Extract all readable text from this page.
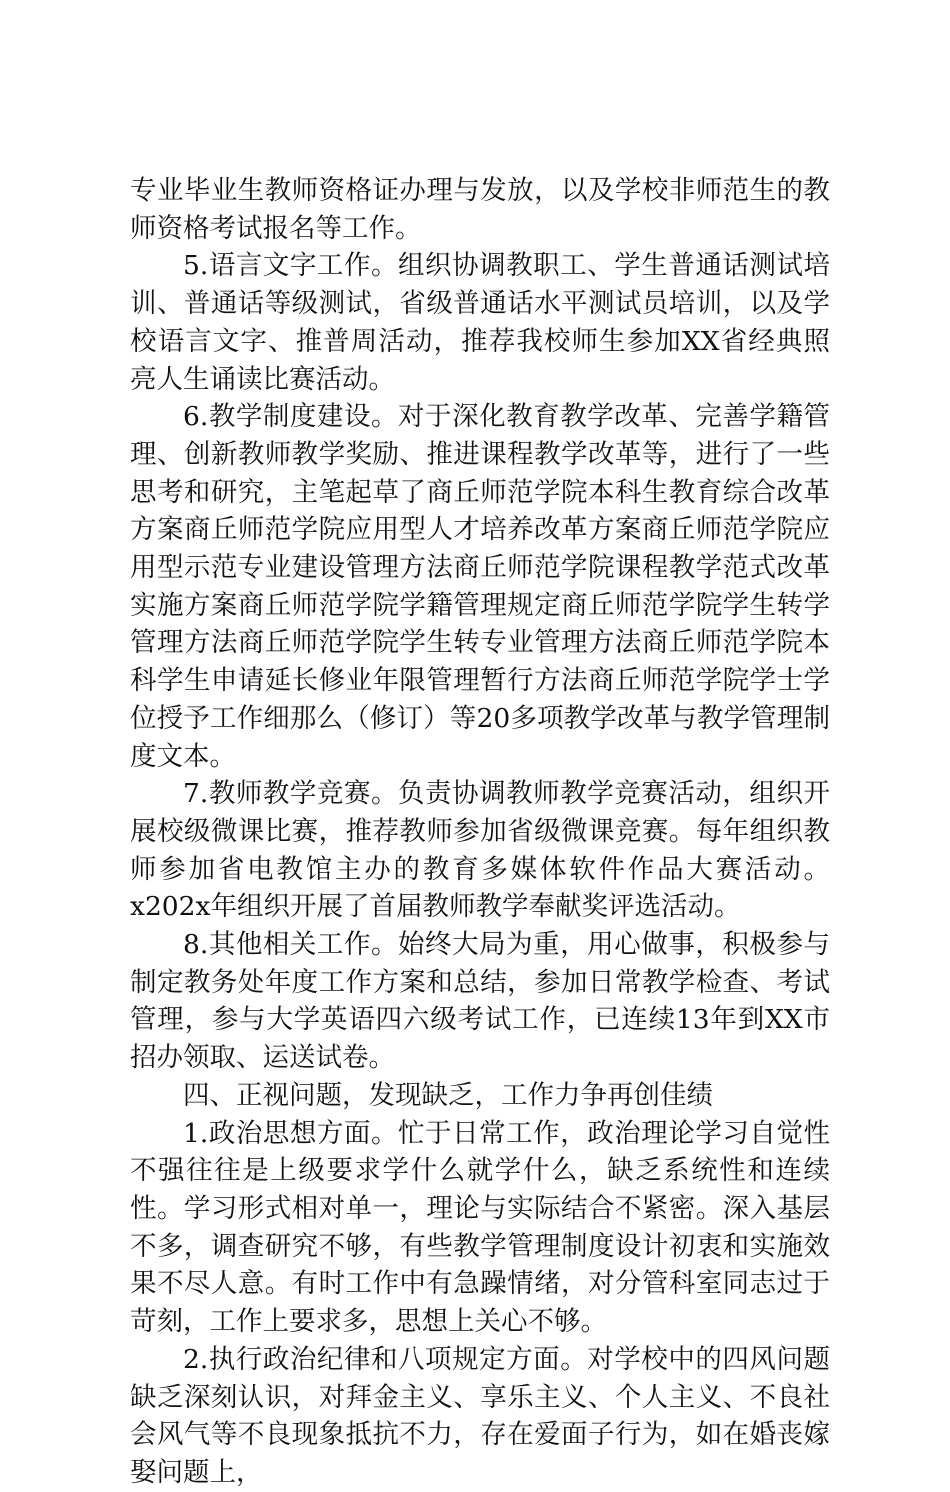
专业毕业生教师资格证办理与发放，以及学校非师范生的教师资格考试报名等工作。

5.语言文字工作。组织协调教职工、学生普通话测试培训、普通话等级测试，省级普通话水平测试员培训，以及学校语言文字、推普周活动，推荐我校师生参加XX省经典照亮人生诵读比赛活动。

6.教学制度建设。对于深化教育教学改革、完善学籍管理、创新教师教学奖励、推进课程教学改革等，进行了一些思考和研究，主笔起草了商丘师范学院本科生教育综合改革方案商丘师范学院应用型人才培养改革方案商丘师范学院应用型示范专业建设管理方法商丘师范学院课程教学范式改革实施方案商丘师范学院学籍管理规定商丘师范学院学生转学管理方法商丘师范学院学生转专业管理方法商丘师范学院本科学生申请延长修业年限管理暂行方法商丘师范学院学士学位授予工作细那么（修订）等20多项教学改革与教学管理制度文本。

7.教师教学竞赛。负责协调教师教学竞赛活动，组织开展校级微课比赛，推荐教师参加省级微课竞赛。每年组织教师参加省电教馆主办的教育多媒体软件作品大赛活动。x202x年组织开展了首届教师教学奉献奖评选活动。

8.其他相关工作。始终大局为重，用心做事，积极参与制定教务处年度工作方案和总结，参加日常教学检查、考试管理，参与大学英语四六级考试工作，已连续13年到XX市招办领取、运送试卷。

四、正视问题，发现缺乏，工作力争再创佳绩

1.政治思想方面。忙于日常工作，政治理论学习自觉性不强往往是上级要求学什么就学什么，缺乏系统性和连续性。学习形式相对单一，理论与实际结合不紧密。深入基层不多，调查研究不够，有些教学管理制度设计初衷和实施效果不尽人意。有时工作中有急躁情绪，对分管科室同志过于苛刻，工作上要求多，思想上关心不够。

2.执行政治纪律和八项规定方面。对学校中的四风问题缺乏深刻认识，对拜金主义、享乐主义、个人主义、不良社会风气等不良现象抵抗不力，存在爱面子行为，如在婚丧嫁娶问题上，
